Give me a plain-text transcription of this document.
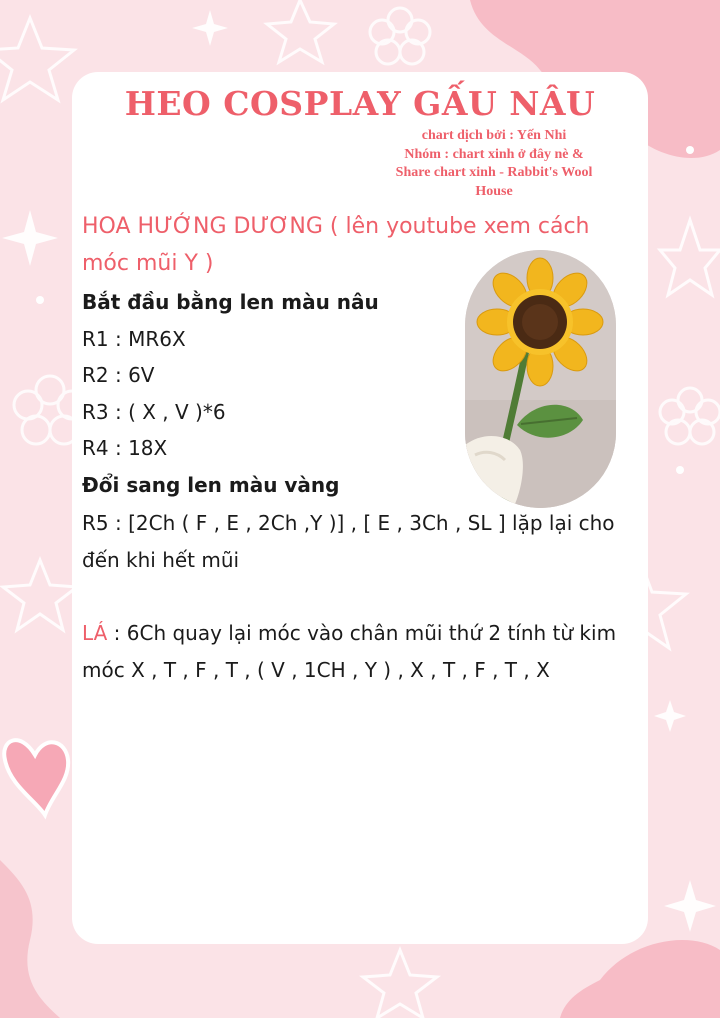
HEO COSPLAY GẤU NÂU
chart dịch bởi : Yến Nhi
Nhóm : chart xinh ở đây nè &
Share chart xinh - Rabbit's Wool
House

HOA HƯỚNG DƯƠNG ( lên youtube xem cách móc mũi Y )

Bắt đầu bằng len màu nâu
R1 : MR6X
R2 : 6V
R3 : ( X , V )*6
R4 : 18X
Đổi sang len màu vàng

R5 : [2Ch ( F , E , 2Ch ,Y )] , [ E , 3Ch , SL ] lặp lại cho đến khi hết mũi

LÁ : 6Ch quay lại móc vào chân mũi thứ 2 tính từ kim móc X , T , F , T , ( V , 1CH , Y ) , X , T , F , T , X
